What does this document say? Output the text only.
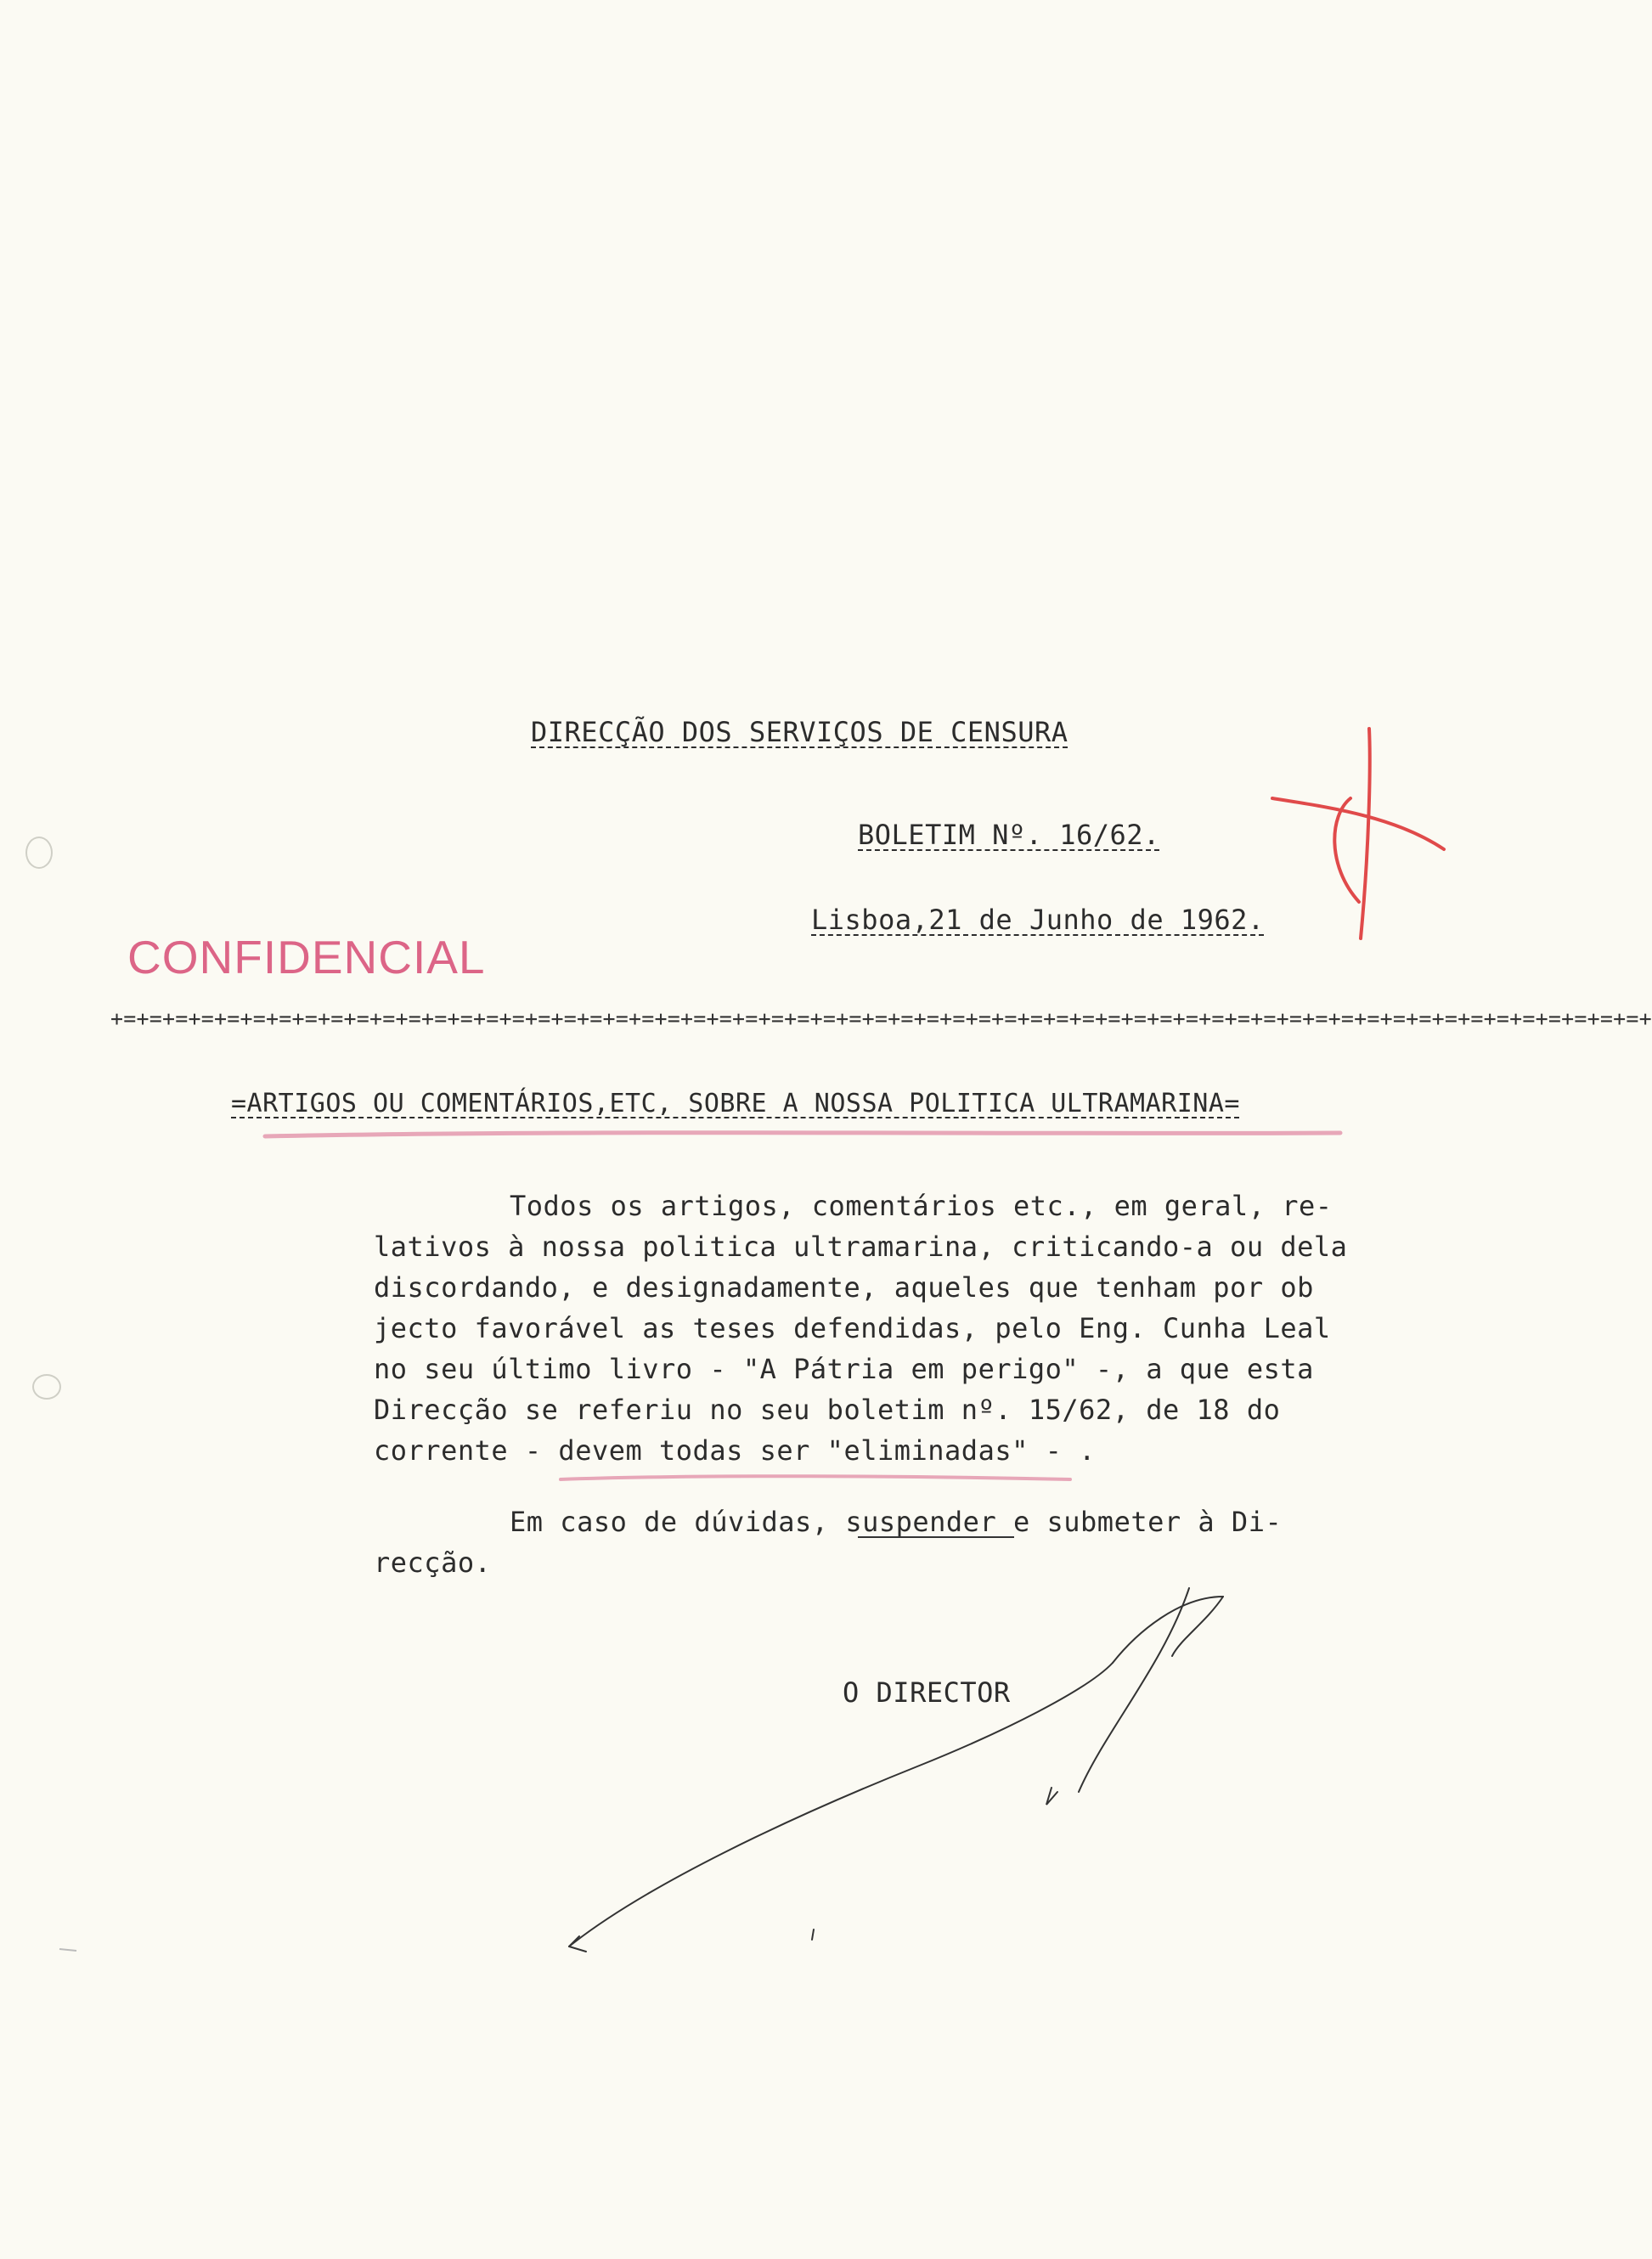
DIRECÇÃO DOS SERVIÇOS DE CENSURA
BOLETIM Nº. 16/62.
Lisboa,21 de Junho de 1962.
CONFIDENCIAL
+=+=+=+=+=+=+=+=+=+=+=+=+=+=+=+=+=+=+=+=+=+=+=+=+=+=+=+=+=+=+=+=+=+=+=+=+=+=+=+=+=+=+=+=+=+=+=+=+=+=+=+=+=+=+=+=+=+=+=+
=ARTIGOS OU COMENTÁRIOS,ETC, SOBRE A NOSSA POLITICA ULTRAMARINA=
Todos os artigos, comentários etc., em geral, re-
lativos à nossa politica ultramarina, criticando-a ou dela
discordando, e designadamente, aqueles que tenham por ob
jecto favorável as teses defendidas, pelo Eng. Cunha Leal
no seu último livro - "A Pátria em perigo" -, a que esta
Direcção se referiu no seu boletim nº. 15/62, de 18 do
corrente - devem todas ser "eliminadas" - .
Em caso de dúvidas, suspender e submeter à Di-
recção.
O DIRECTOR
